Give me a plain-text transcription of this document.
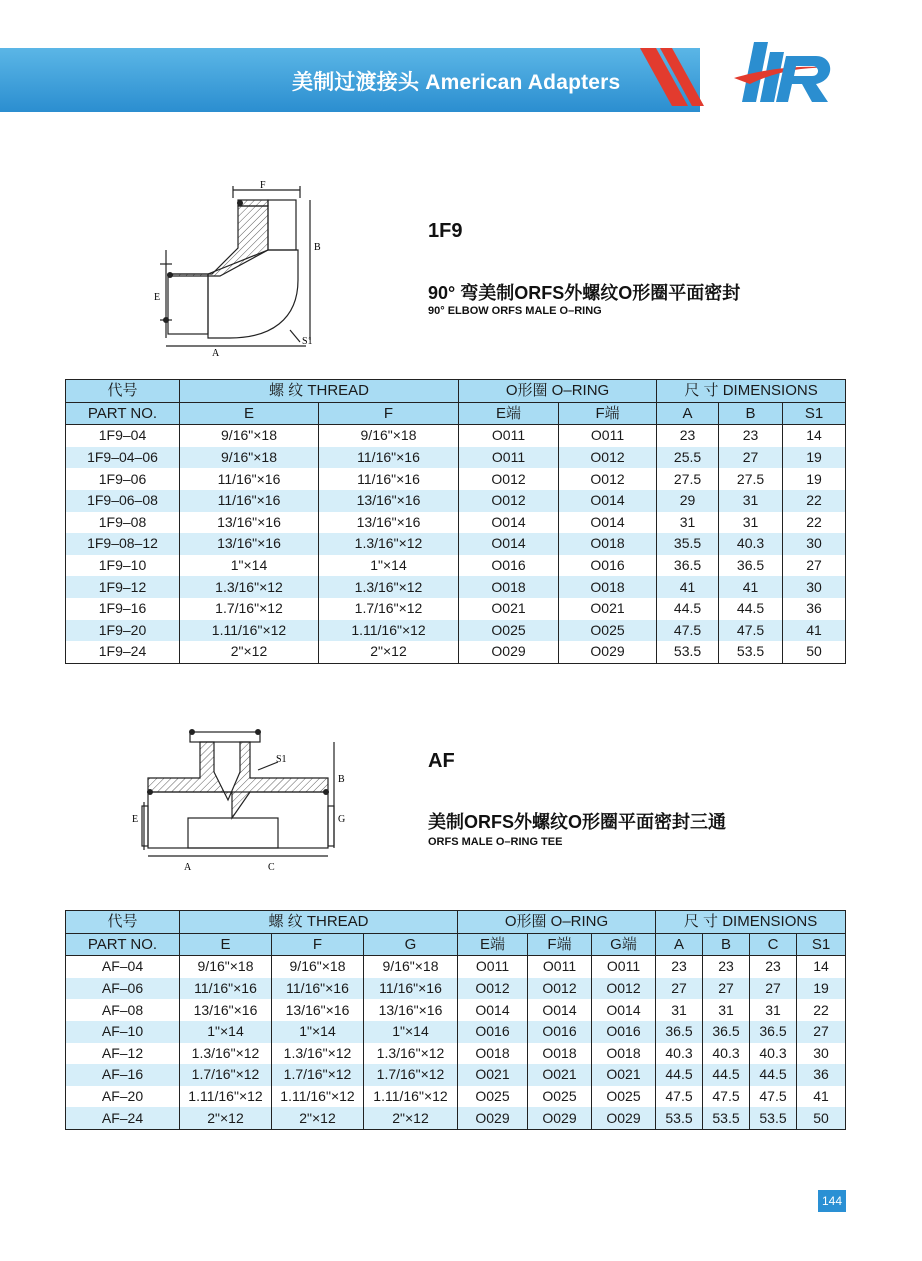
美制过渡接头 American Adapters
F
B
E
A
S1
1F9
90° 弯美制ORFS外螺纹O形圈平面密封
90° ELBOW ORFS MALE O–RING
代号	螺 纹 THREAD		O形圈 O–RING		尺 寸 DIMENSIONS		
PART NO.	E	F	E端	F端	A	B	S1
1F9–04	9/16"×18	9/16"×18	O011	O011	23	23	14
1F9–04–06	9/16"×18	11/16"×16	O011	O012	25.5	27	19
1F9–06	11/16"×16	11/16"×16	O012	O012	27.5	27.5	19
1F9–06–08	11/16"×16	13/16"×16	O012	O014	29	31	22
1F9–08	13/16"×16	13/16"×16	O014	O014	31	31	22
1F9–08–12	13/16"×16	1.3/16"×12	O014	O018	35.5	40.3	30
1F9–10	1"×14	1"×14	O016	O016	36.5	36.5	27
1F9–12	1.3/16"×12	1.3/16"×12	O018	O018	41	41	30
1F9–16	1.7/16"×12	1.7/16"×12	O021	O021	44.5	44.5	36
1F9–20	1.11/16"×12	1.11/16"×12	O025	O025	47.5	47.5	41
1F9–24	2"×12	2"×12	O029	O029	53.5	53.5	50
S1
B
E	G
A	C
AF
美制ORFS外螺纹O形圈平面密封三通
ORFS MALE O–RING TEE
代号	螺 纹 THREAD			O形圈 O–RING			尺 寸 DIMENSIONS			
PART NO.	E	F	G	E端	F端	G端	A	B	C	S1
AF–04	9/16"×18	9/16"×18	9/16"×18	O011	O011	O011	23	23	23	14
AF–06	11/16"×16	11/16"×16	11/16"×16	O012	O012	O012	27	27	27	19
AF–08	13/16"×16	13/16"×16	13/16"×16	O014	O014	O014	31	31	31	22
AF–10	1"×14	1"×14	1"×14	O016	O016	O016	36.5	36.5	36.5	27
AF–12	1.3/16"×12	1.3/16"×12	1.3/16"×12	O018	O018	O018	40.3	40.3	40.3	30
AF–16	1.7/16"×12	1.7/16"×12	1.7/16"×12	O021	O021	O021	44.5	44.5	44.5	36
AF–20	1.11/16"×12	1.11/16"×12	1.11/16"×12	O025	O025	O025	47.5	47.5	47.5	41
AF–24	2"×12	2"×12	2"×12	O029	O029	O029	53.5	53.5	53.5	50
144
